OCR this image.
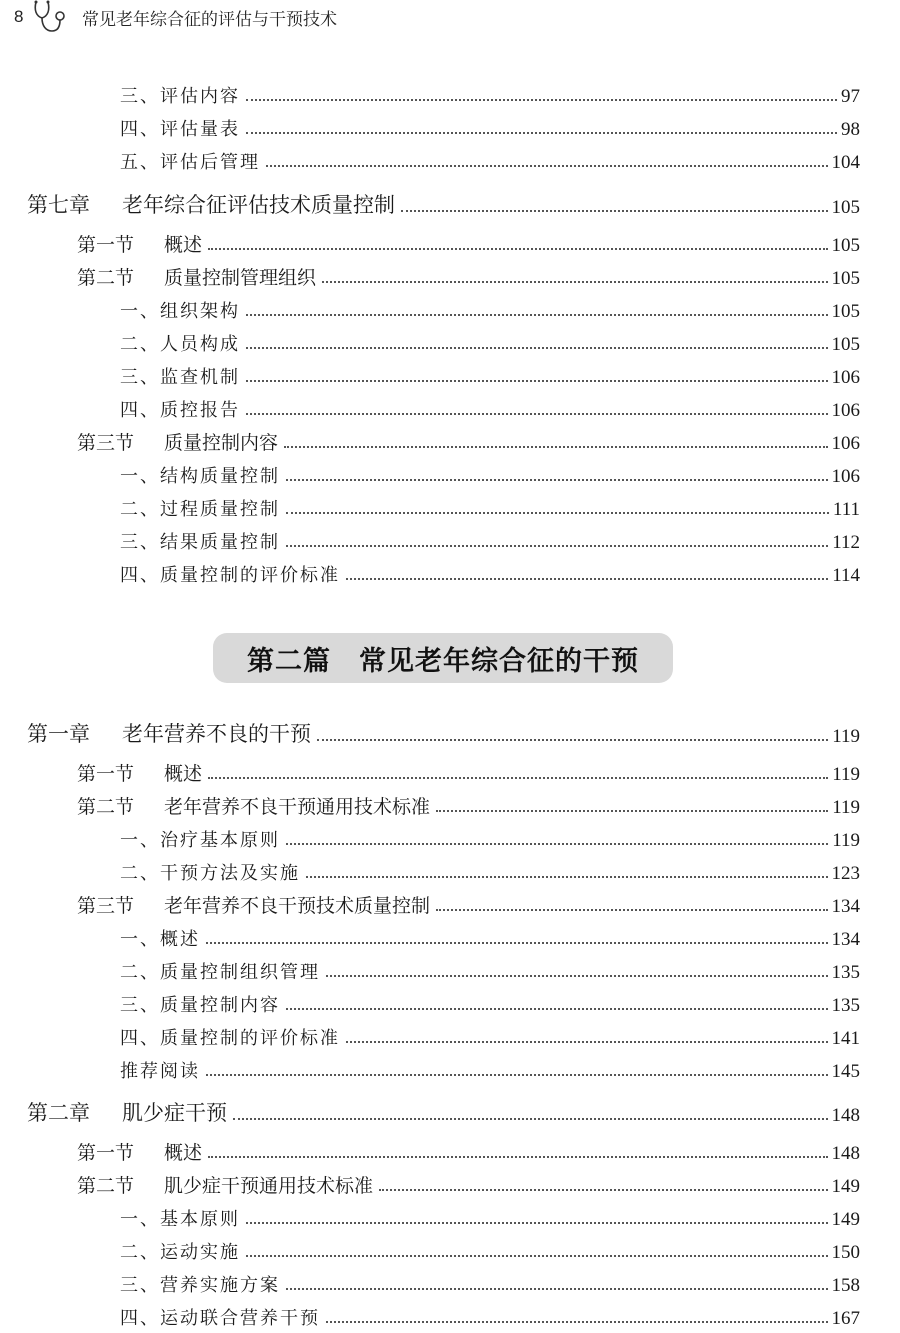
8	常见老年综合征的评估与干预技术
三、评估内容	97
四、评估量表	98
五、评估后管理	104
第七章	老年综合征评估技术质量控制	105
第一节	概述	105
第二节	质量控制管理组织	105
一、组织架构	105
二、人员构成	105
三、监查机制	106
四、质控报告	106
第三节	质量控制内容	106
一、结构质量控制	106
二、过程质量控制	111
三、结果质量控制	112
四、质量控制的评价标准	114
第一章	老年营养不良的干预	119
第一节	概述	119
第二节	老年营养不良干预通用技术标准	119
一、治疗基本原则	119
二、干预方法及实施	123
第三节	老年营养不良干预技术质量控制	134
一、概述	134
二、质量控制组织管理	135
三、质量控制内容	135
四、质量控制的评价标准	141
推荐阅读	145
第二章	肌少症干预	148
第一节	概述	148
第二节	肌少症干预通用技术标准	149
一、基本原则	149
二、运动实施	150
三、营养实施方案	158
四、运动联合营养干预	167
第二篇 常见老年综合征的干预
